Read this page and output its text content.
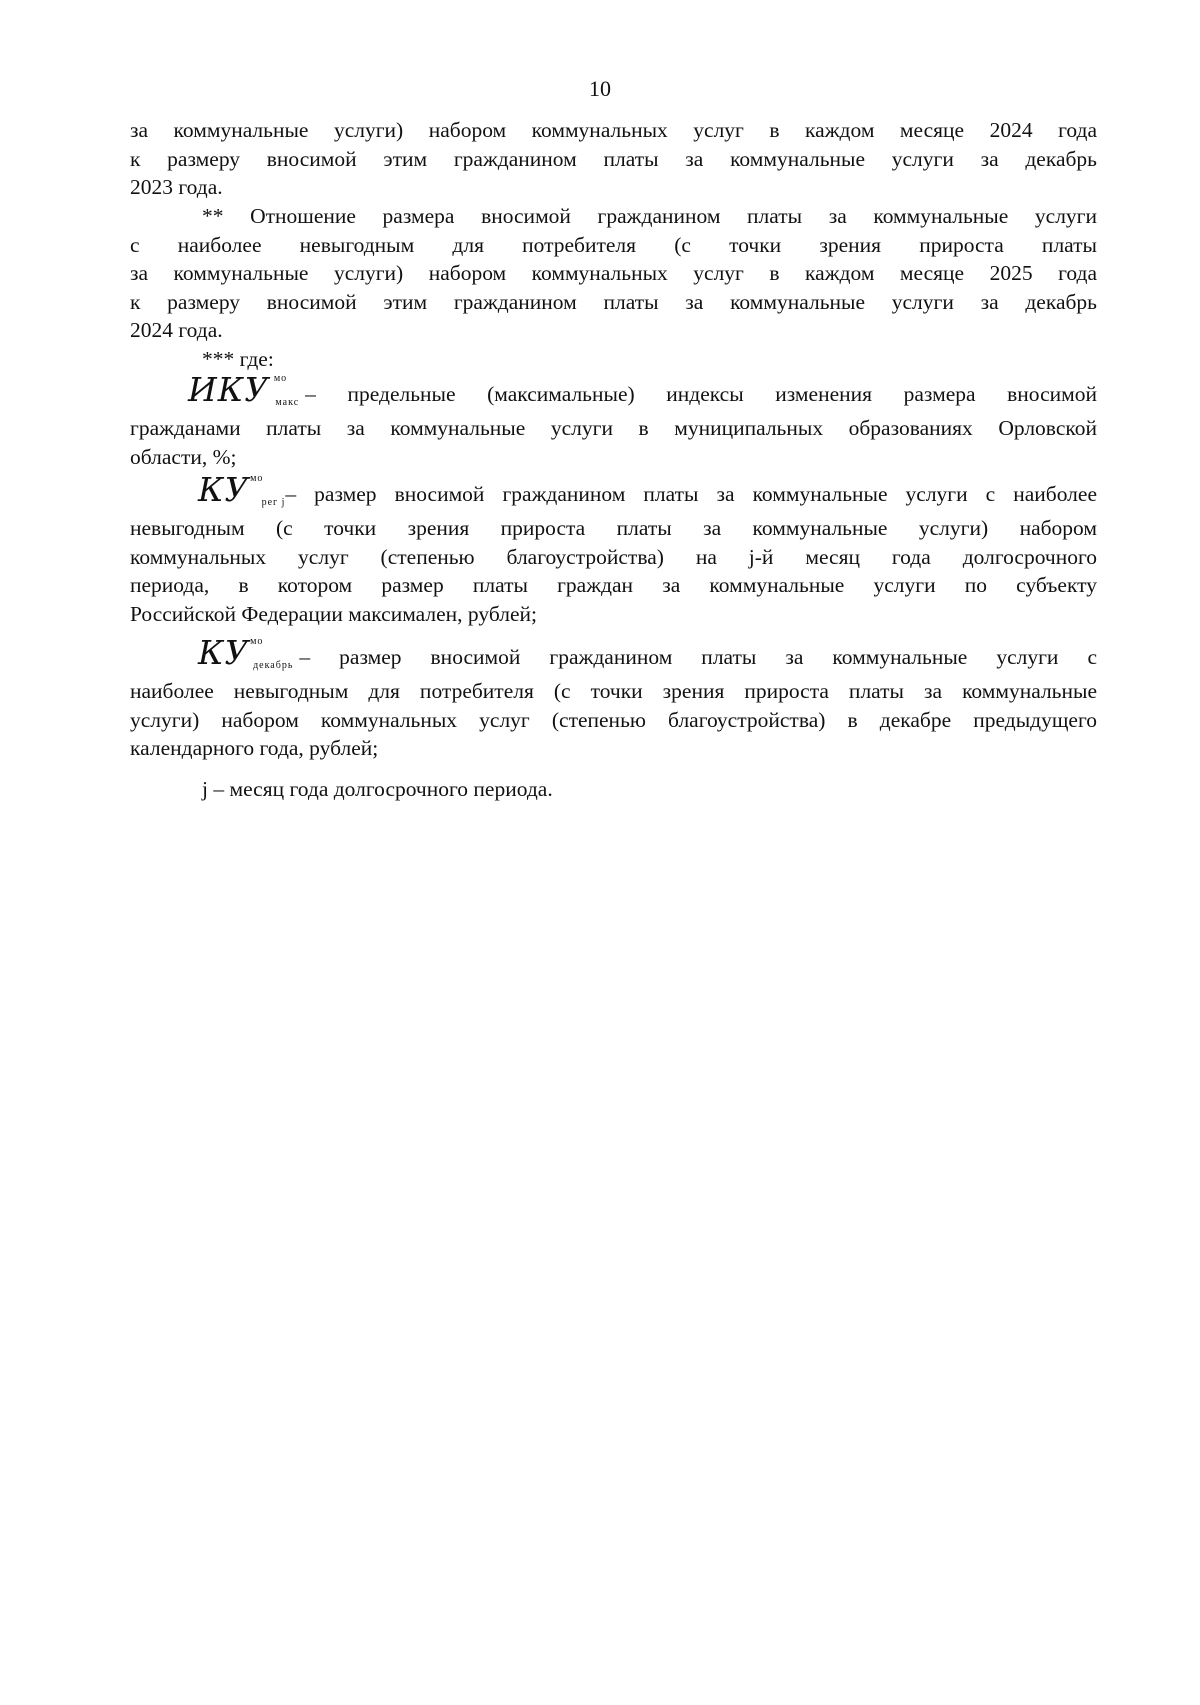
10
за коммунальные услуги) набором коммунальных услуг в каждом месяце 2024 года
к размеру вносимой этим гражданином платы за коммунальные услуги за декабрь
2023 года.
** Отношение размера вносимой гражданином платы за коммунальные услуги
с наиболее невыгодным для потребителя (с точки зрения прироста платы
за коммунальные услуги) набором коммунальных услуг в каждом месяце 2025 года
к размеру вносимой этим гражданином платы за коммунальные услуги за декабрь
2024 года.
*** где:
ИКУ мо
макс – предельные (максимальные) индексы изменения размера вносимой
гражданами платы за коммунальные услуги в муниципальных образованиях Орловской
области, %;
КУ мо
рег j – размер вносимой гражданином платы за коммунальные услуги с наиболее
невыгодным (с точки зрения прироста платы за коммунальные услуги) набором
коммунальных услуг (степенью благоустройства) на j-й месяц года долгосрочного
периода, в котором размер платы граждан за коммунальные услуги по субъекту
Российской Федерации максимален, рублей;
КУ мо
декабрь – размер вносимой гражданином платы за коммунальные услуги с
наиболее невыгодным для потребителя (с точки зрения прироста платы за коммунальные
услуги) набором коммунальных услуг (степенью благоустройства) в декабре предыдущего
календарного года, рублей;
j – месяц года долгосрочного периода.
